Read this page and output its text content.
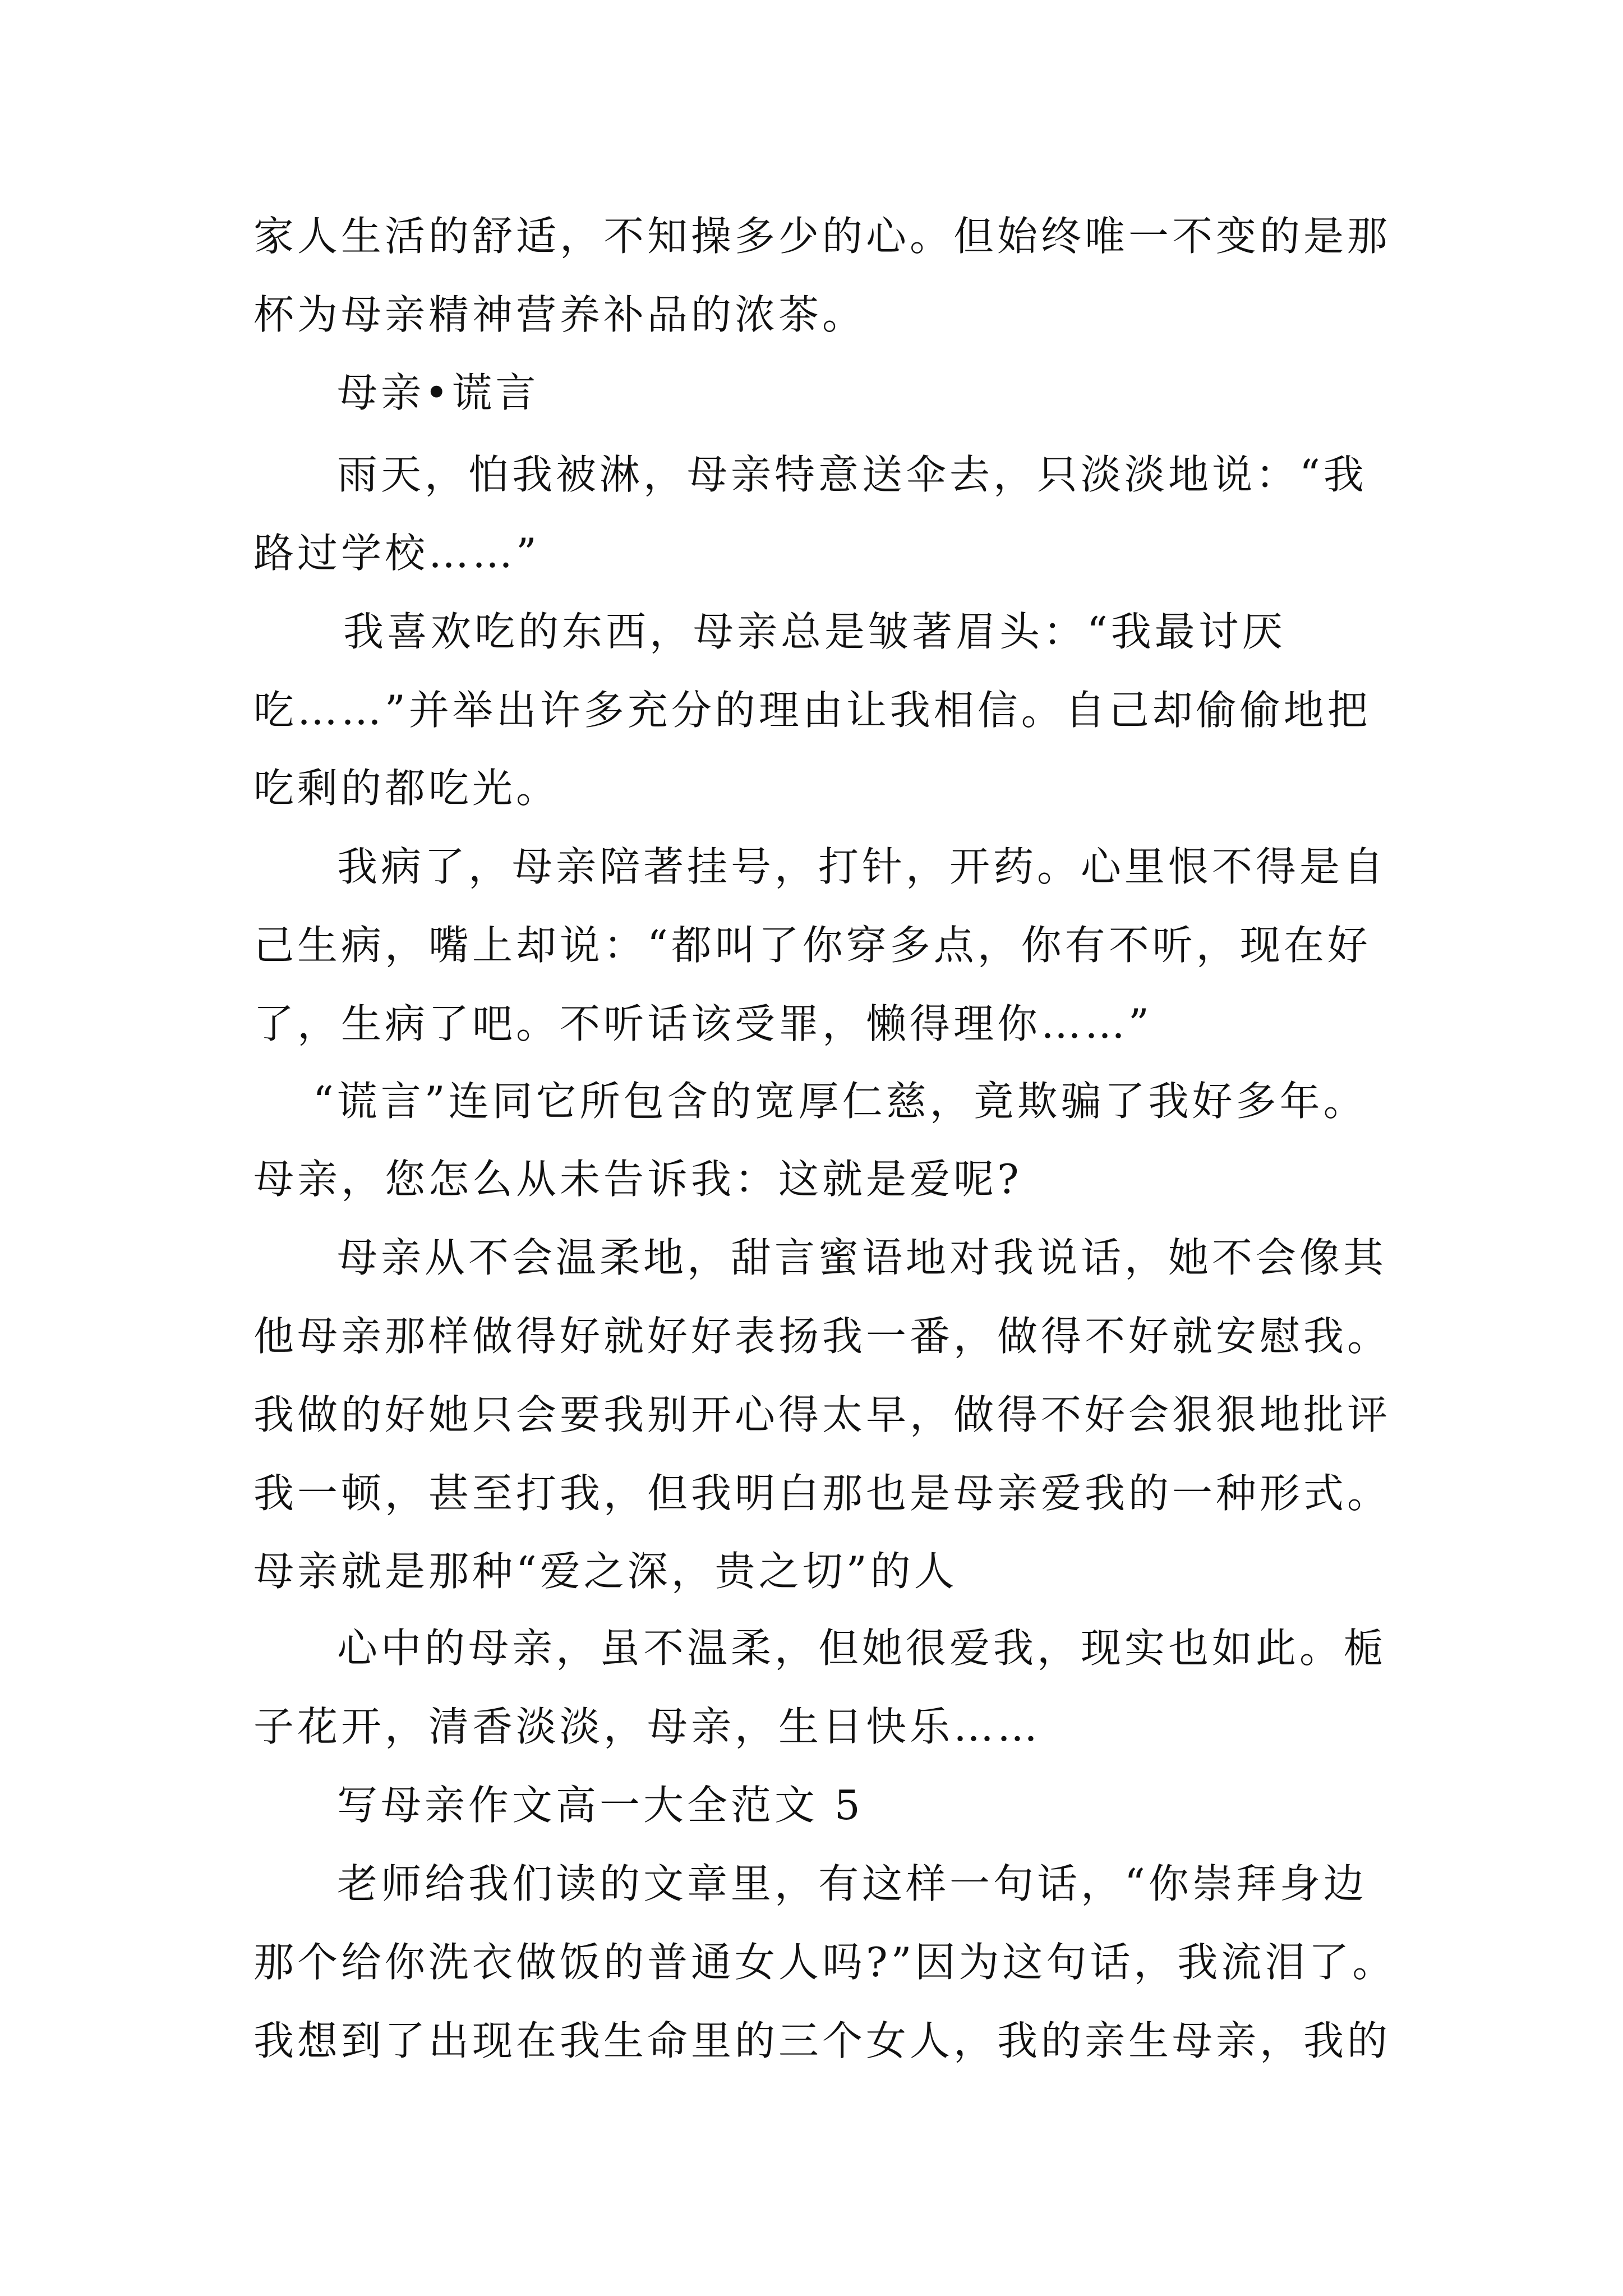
家人生活的舒适，不知操多少的心。但始终唯一不变的是那
杯为母亲精神营养补品的浓茶。
母亲•谎言
雨天，怕我被淋，母亲特意送伞去，只淡淡地说：“我
路过学校……”
我喜欢吃的东西，母亲总是皱著眉头：“我最讨厌
吃……”并举出许多充分的理由让我相信。自己却偷偷地把
吃剩的都吃光。
我病了，母亲陪著挂号，打针，开药。心里恨不得是自
己生病，嘴上却说：“都叫了你穿多点，你有不听，现在好
了，生病了吧。不听话该受罪，懒得理你……”
“谎言”连同它所包含的宽厚仁慈，竟欺骗了我好多年。
母亲，您怎么从未告诉我：这就是爱呢?
母亲从不会温柔地，甜言蜜语地对我说话，她不会像其
他母亲那样做得好就好好表扬我一番，做得不好就安慰我。
我做的好她只会要我别开心得太早，做得不好会狠狠地批评
我一顿，甚至打我，但我明白那也是母亲爱我的一种形式。
母亲就是那种“爱之深，贵之切”的人
心中的母亲，虽不温柔，但她很爱我，现实也如此。栀
子花开，清香淡淡，母亲，生日快乐……
写母亲作文高一大全范文 5
老师给我们读的文章里，有这样一句话，“你崇拜身边
那个给你洗衣做饭的普通女人吗?”因为这句话，我流泪了。
我想到了出现在我生命里的三个女人，我的亲生母亲，我的
